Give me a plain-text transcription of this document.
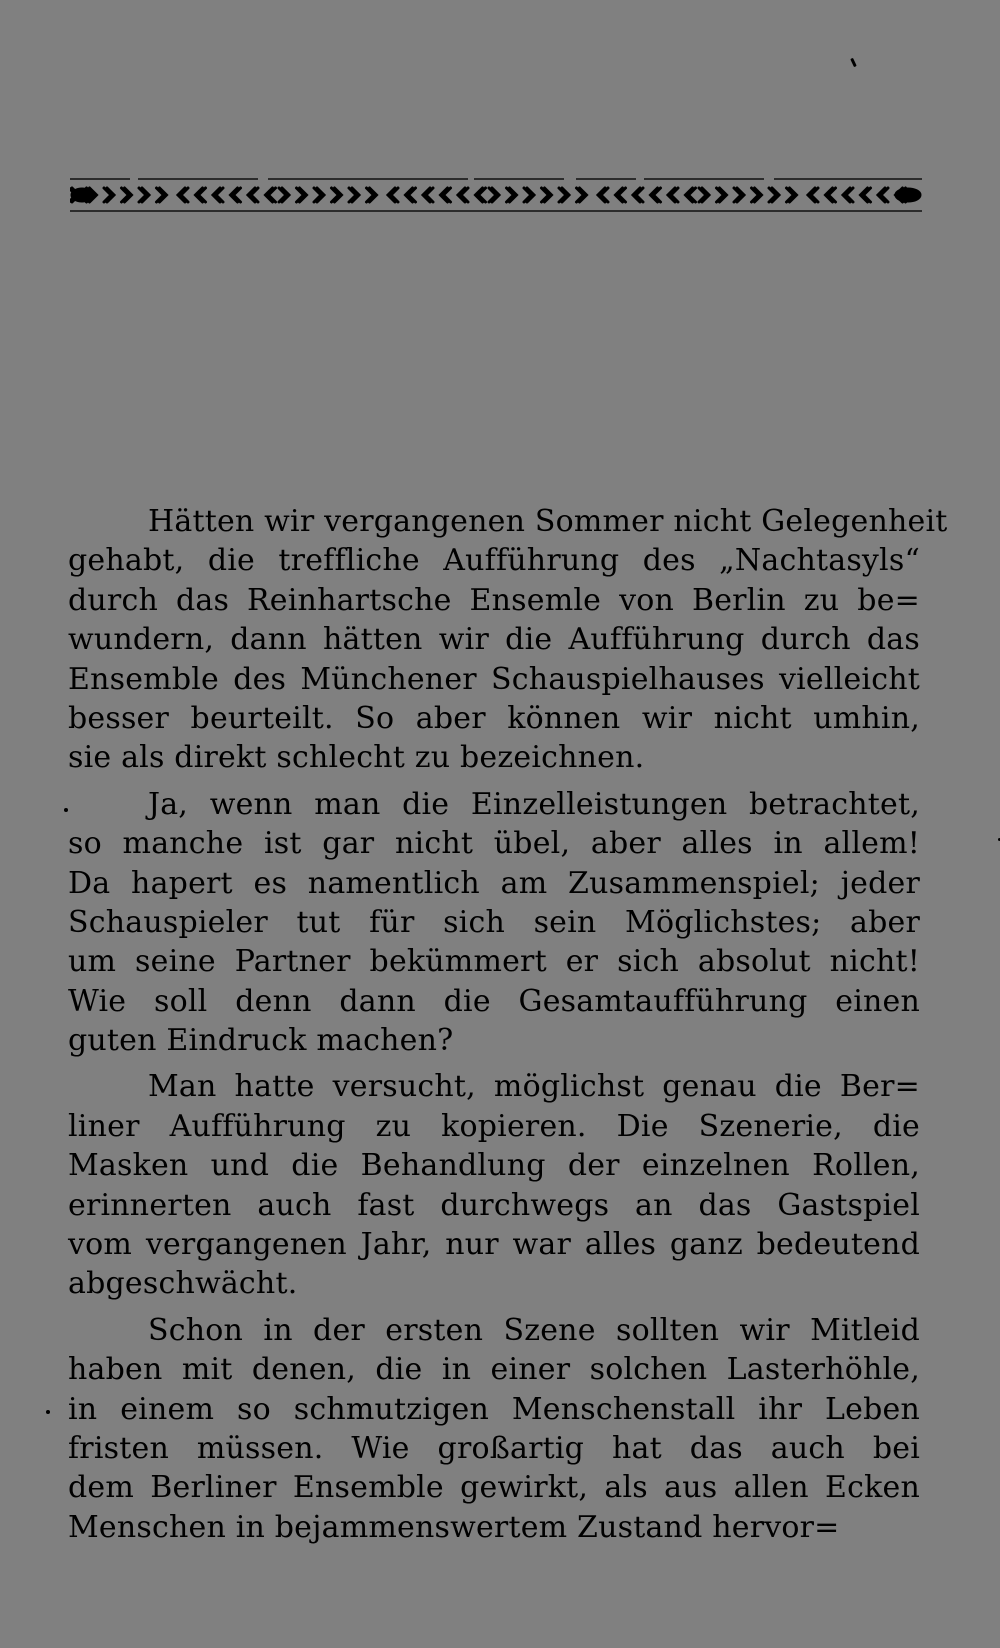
Hätten wir vergangenen Sommer nicht Gelegenheit
gehabt, die treffliche Aufführung des „Nachtasyls“
durch das Reinhartsche Ensemle von Berlin zu be=
wundern, dann hätten wir die Aufführung durch das
Ensemble des Münchener Schauspielhauses vielleicht
besser beurteilt. So aber können wir nicht umhin,
sie als direkt schlecht zu bezeichnen.
Ja, wenn man die Einzelleistungen betrachtet,
so manche ist gar nicht übel, aber alles in allem!
Da hapert es namentlich am Zusammenspiel; jeder
Schauspieler tut für sich sein Möglichstes; aber
um seine Partner bekümmert er sich absolut nicht!
Wie soll denn dann die Gesamtaufführung einen
guten Eindruck machen?
Man hatte versucht, möglichst genau die Ber=
liner Aufführung zu kopieren. Die Szenerie, die
Masken und die Behandlung der einzelnen Rollen,
erinnerten auch fast durchwegs an das Gastspiel
vom vergangenen Jahr, nur war alles ganz bedeutend
abgeschwächt.
Schon in der ersten Szene sollten wir Mitleid
haben mit denen, die in einer solchen Lasterhöhle,
in einem so schmutzigen Menschenstall ihr Leben
fristen müssen. Wie großartig hat das auch bei
dem Berliner Ensemble gewirkt, als aus allen Ecken
Menschen in bejammenswertem Zustand hervor=
